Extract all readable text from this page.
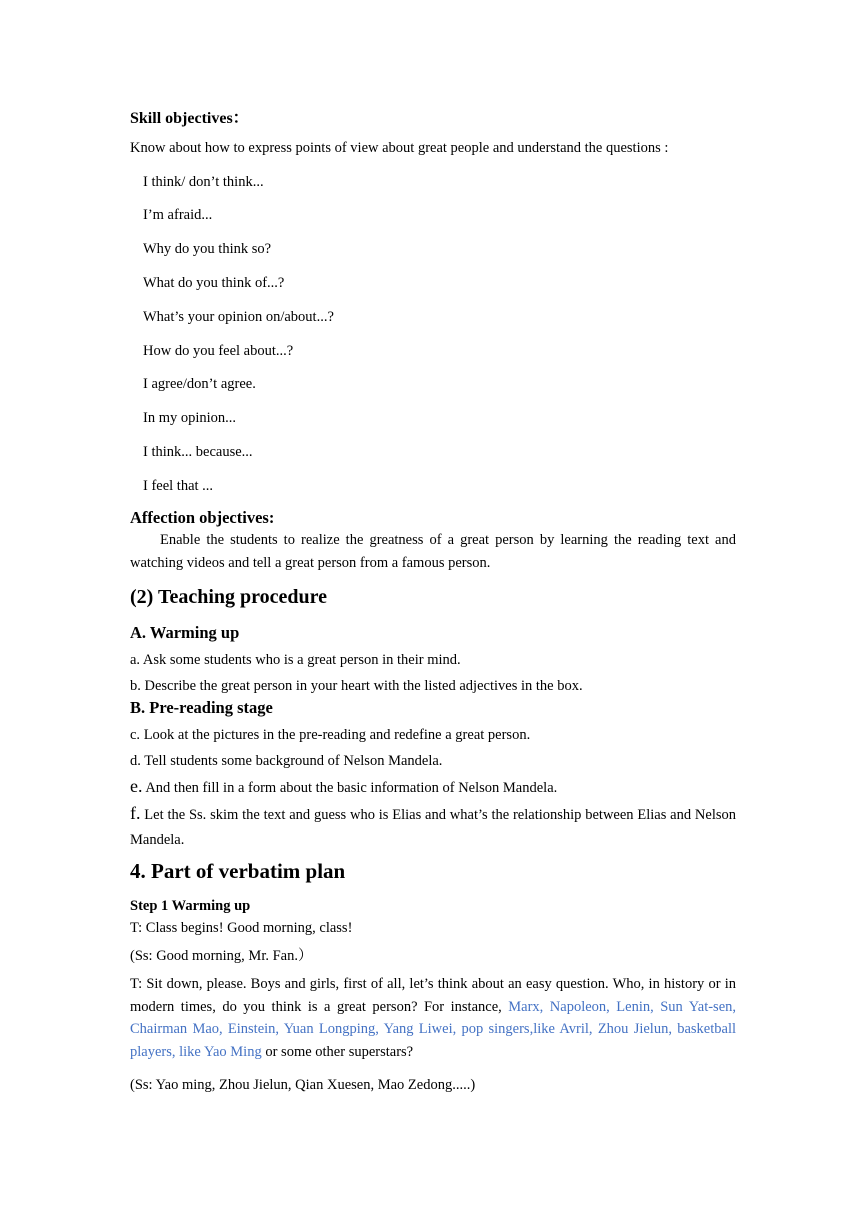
Skill objectives：
Know about how to express points of view about great people and understand the questions :
I think/ don’t think...
I’m afraid...
Why do you think so?
What do you think of...?
What’s your opinion on/about...?
How do you feel about...?
I agree/don’t agree.
In my opinion...
I think... because...
I feel that ...
Affection objectives:
Enable the students to realize the greatness of a great person by learning the reading text and watching videos and tell a great person from a famous person.
(2) Teaching procedure
A. Warming up
a. Ask some students who is a great person in their mind.
b. Describe the great person in your heart with the listed adjectives in the box.
B. Pre-reading stage
c. Look at the pictures in the pre-reading and redefine a great person.
d. Tell students some background of Nelson Mandela.
e. And then fill in a form about the basic information of Nelson Mandela.
f. Let the Ss. skim the text and guess who is Elias and what’s the relationship between Elias and Nelson Mandela.
4. Part of verbatim plan
Step 1 Warming up
T: Class begins! Good morning, class!
(Ss: Good morning, Mr. Fan.）
T: Sit down, please. Boys and girls, first of all, let’s think about an easy question. Who, in history or in modern times, do you think is a great person? For instance, Marx, Napoleon, Lenin, Sun Yat-sen, Chairman Mao, Einstein, Yuan Longping, Yang Liwei, pop singers,like Avril, Zhou Jielun, basketball players, like Yao Ming or some other superstars?
(Ss: Yao ming, Zhou Jielun, Qian Xuesen, Mao Zedong.....)
